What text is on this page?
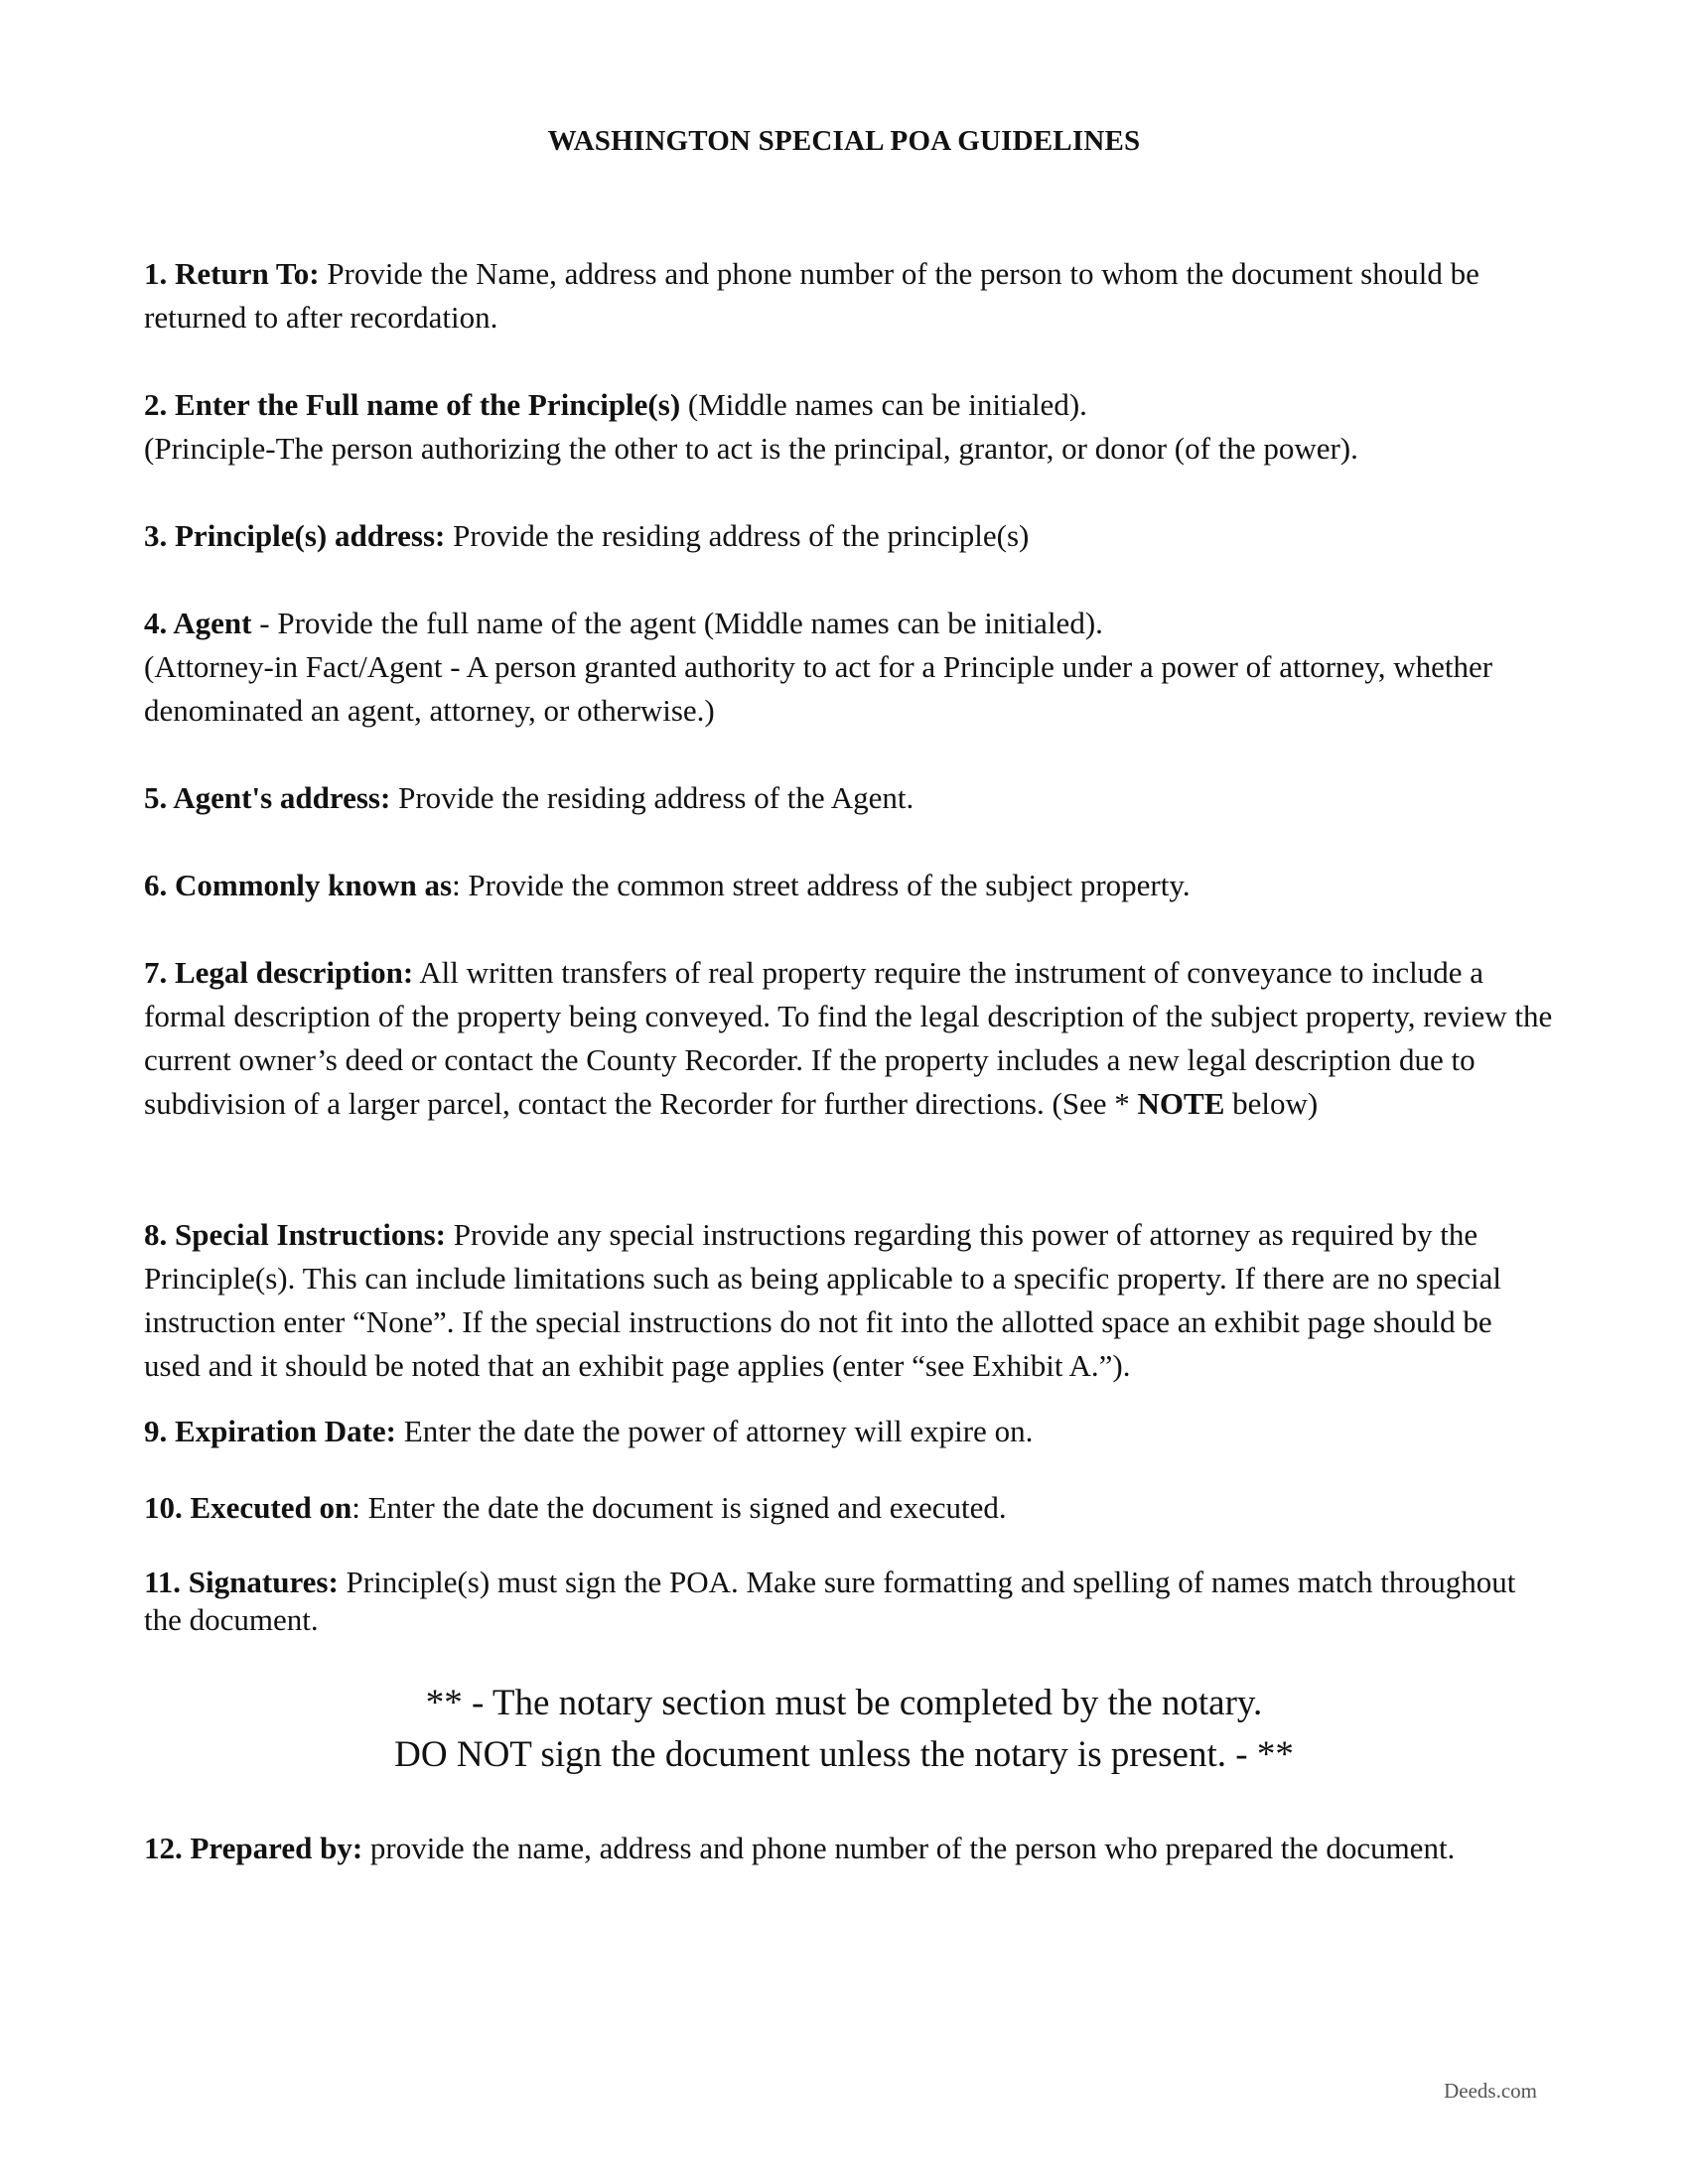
WASHINGTON SPECIAL POA GUIDELINES
1. Return To: Provide the Name, address and phone number of the person to whom the document should be returned to after recordation.
2. Enter the Full name of the Principle(s) (Middle names can be initialed).
(Principle-The person authorizing the other to act is the principal, grantor, or donor (of the power).
3. Principle(s) address: Provide the residing address of the principle(s)
4. Agent - Provide the full name of the agent (Middle names can be initialed).
(Attorney-in Fact/Agent - A person granted authority to act for a Principle under a power of attorney, whether denominated an agent, attorney, or otherwise.)
5. Agent's address: Provide the residing address of the Agent.
6. Commonly known as: Provide the common street address of the subject property.
7. Legal description: All written transfers of real property require the instrument of conveyance to include a formal description of the property being conveyed. To find the legal description of the subject property, review the current owner’s deed or contact the County Recorder. If the property includes a new legal description due to subdivision of a larger parcel, contact the Recorder for further directions. (See * NOTE below)
8. Special Instructions: Provide any special instructions regarding this power of attorney as required by the Principle(s). This can include limitations such as being applicable to a specific property. If there are no special instruction enter “None”. If the special instructions do not fit into the allotted space an exhibit page should be used and it should be noted that an exhibit page applies (enter “see Exhibit A.”).
9. Expiration Date: Enter the date the power of attorney will expire on.
10. Executed on: Enter the date the document is signed and executed.
11. Signatures: Principle(s) must sign the POA. Make sure formatting and spelling of names match throughout the document.
** - The notary section must be completed by the notary.
DO NOT sign the document unless the notary is present. - **
12. Prepared by: provide the name, address and phone number of the person who prepared the document.
Deeds.com
